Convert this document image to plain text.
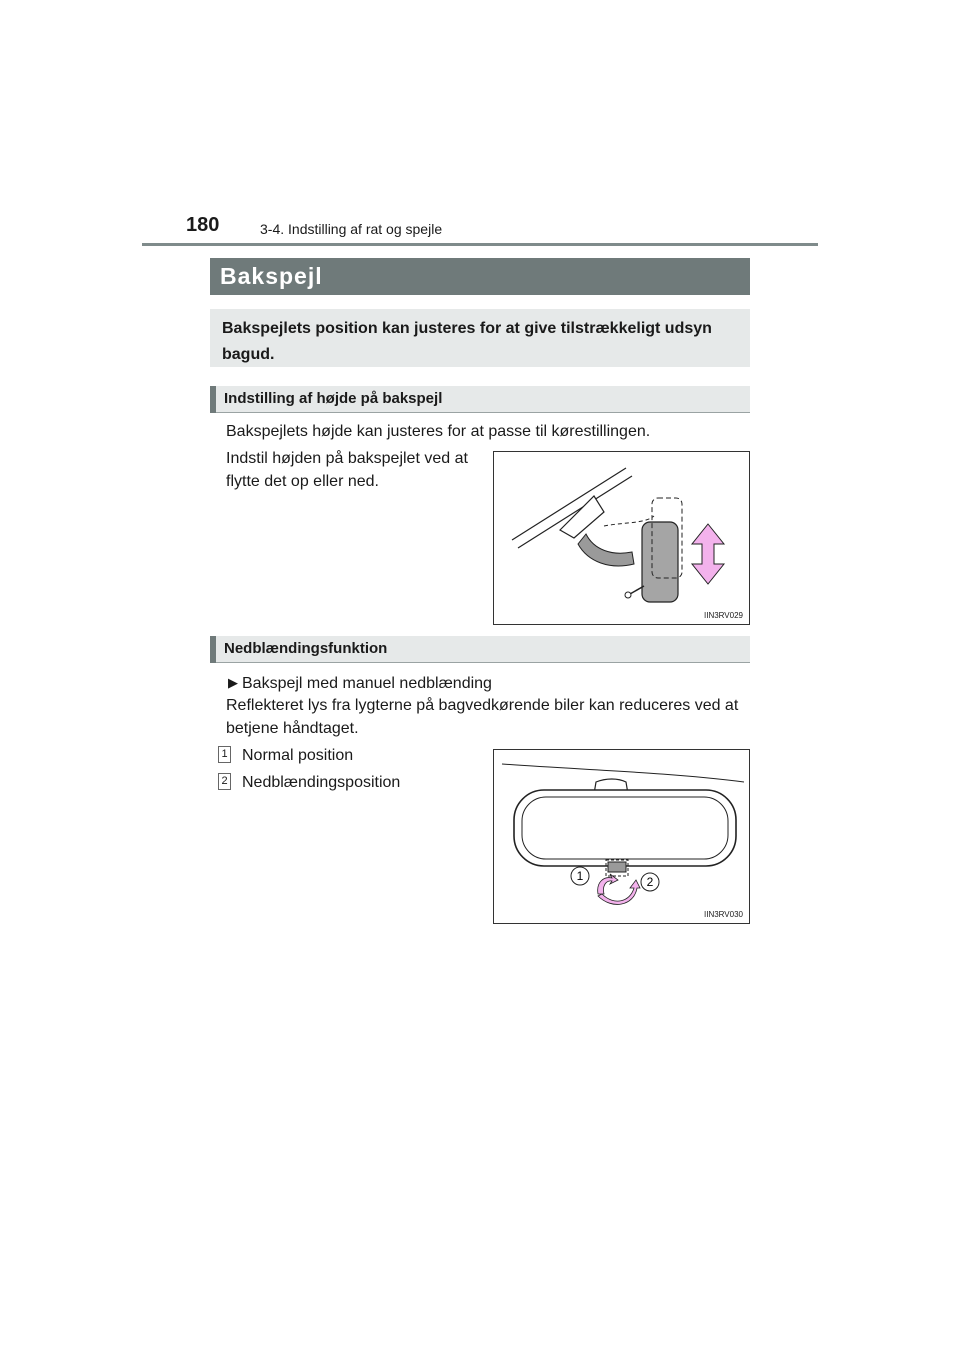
180	3-4. Indstilling af rat og spejle
Bakspejl
Bakspejlets position kan justeres for at give tilstrækkeligt udsyn bagud.
Indstilling af højde på bakspejl
Bakspejlets højde kan justeres for at passe til kørestillingen.
Indstil højden på bakspejlet ved at flytte det op eller ned.
IIN3RV029
Nedblændingsfunktion
▶ Bakspejl med manuel nedblænding
Reflekteret lys fra lygterne på bagvedkørende biler kan reduceres ved at betjene håndtaget.
1 Normal position
2 Nedblændingsposition
1	2
IIN3RV030
